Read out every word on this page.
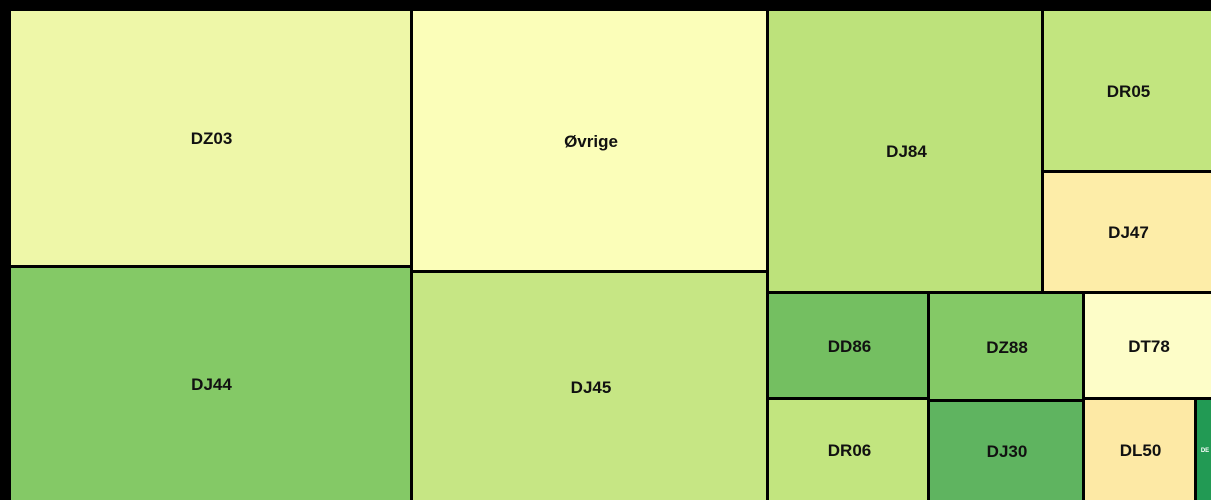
DZ03
DJ44
Øvrige
DJ45
DJ84
DR05
DJ47
DD86
DR06
DZ88
DJ30
DT78
DL50	DE
